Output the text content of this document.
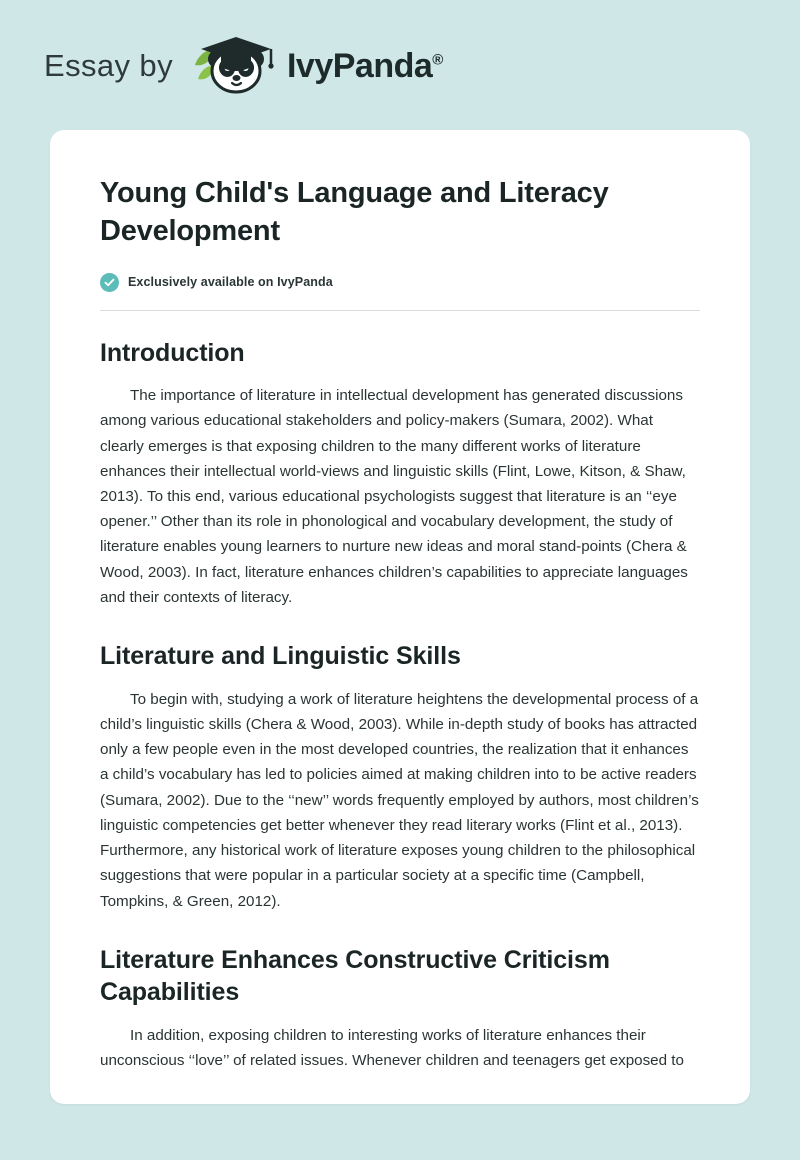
Essay by	IvyPanda®
Young Child's Language and Literacy Development
Exclusively available on IvyPanda
Introduction

The importance of literature in intellectual development has generated discussions among various educational stakeholders and policy-makers (Sumara, 2002). What clearly emerges is that exposing children to the many different works of literature enhances their intellectual world-views and linguistic skills (Flint, Lowe, Kitson, & Shaw, 2013). To this end, various educational psychologists suggest that literature is an ‘‘eye opener.’’ Other than its role in phonological and vocabulary development, the study of literature enables young learners to nurture new ideas and moral stand-points (Chera & Wood, 2003). In fact, literature enhances children’s capabilities to appreciate languages and their contexts of literacy.

Literature and Linguistic Skills

To begin with, studying a work of literature heightens the developmental process of a child’s linguistic skills (Chera & Wood, 2003). While in-depth study of books has attracted only a few people even in the most developed countries, the realization that it enhances a child’s vocabulary has led to policies aimed at making children into to be active readers (Sumara, 2002). Due to the ‘‘new’’ words frequently employed by authors, most children’s linguistic competencies get better whenever they read literary works (Flint et al., 2013). Furthermore, any historical work of literature exposes young children to the philosophical suggestions that were popular in a particular society at a specific time (Campbell, Tompkins, & Green, 2012).

Literature Enhances Constructive Criticism Capabilities

In addition, exposing children to interesting works of literature enhances their unconscious ‘‘love’’ of related issues. Whenever children and teenagers get exposed to
